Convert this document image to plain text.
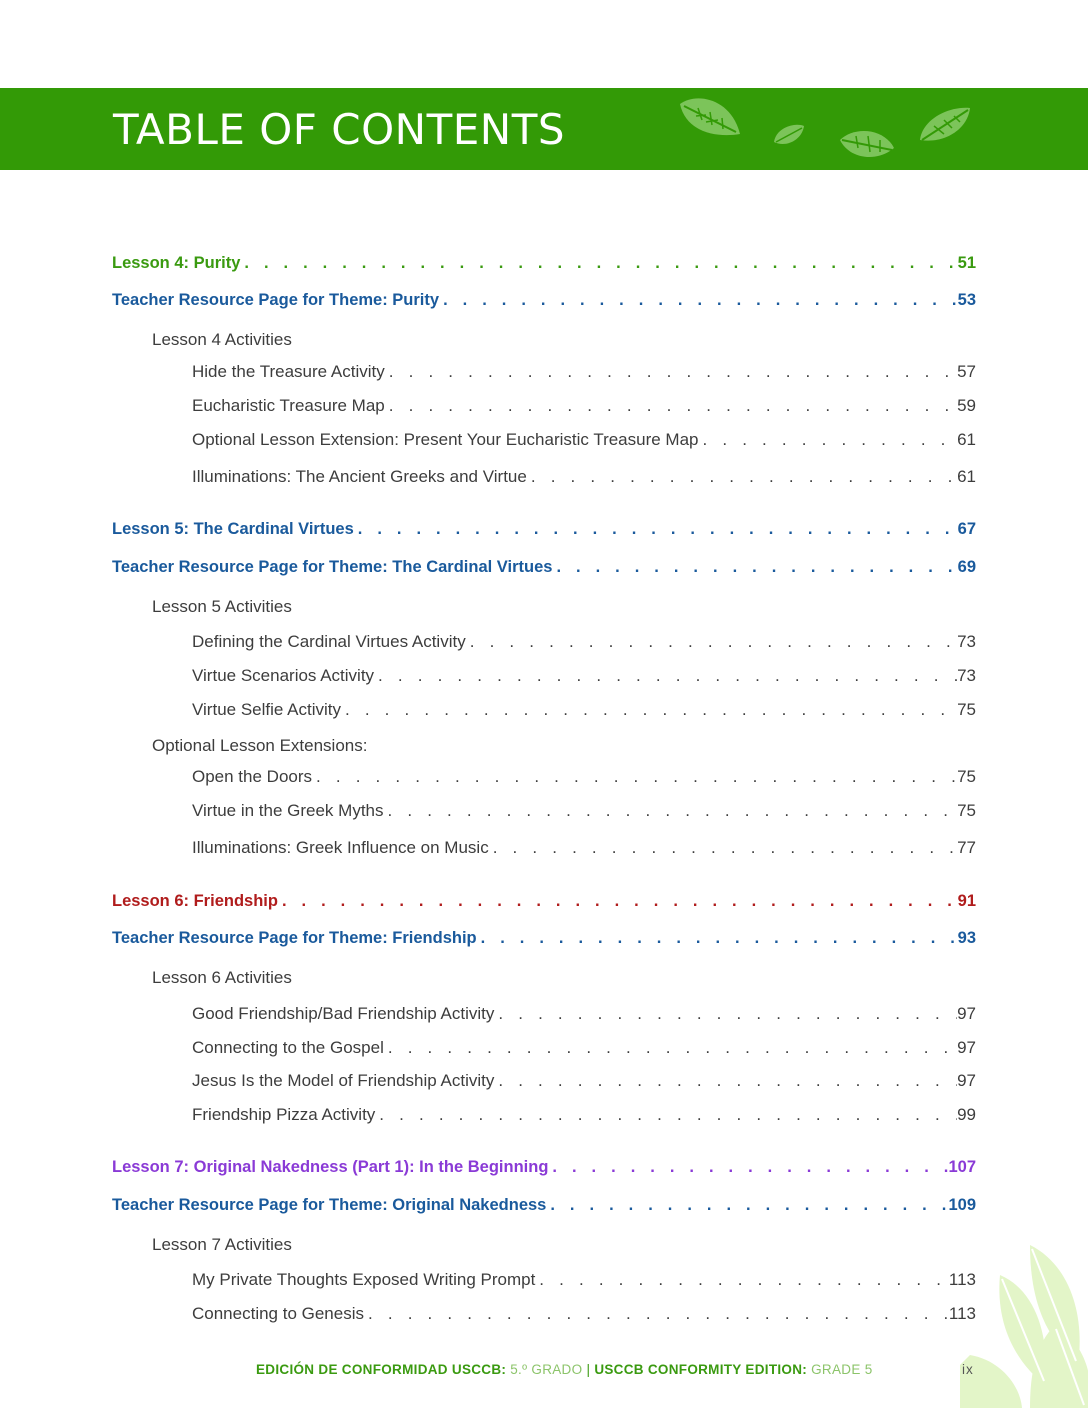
TABLE OF CONTENTS
Lesson 4: Purity . . .	51
Teacher Resource Page for Theme: Purity . . .	53
Lesson 4 Activities
Hide the Treasure Activity . . .	57
Eucharistic Treasure Map . . .	59
Optional Lesson Extension: Present Your Eucharistic Treasure Map . . .	61
Illuminations: The Ancient Greeks and Virtue . . .	61
Lesson 5: The Cardinal Virtues . . .	67
Teacher Resource Page for Theme: The Cardinal Virtues . . .	69
Lesson 5 Activities
Defining the Cardinal Virtues Activity . . .	73
Virtue Scenarios Activity . . .	73
Virtue Selfie Activity . . .	75
Optional Lesson Extensions:
Open the Doors . . .	75
Virtue in the Greek Myths . . .	75
Illuminations: Greek Influence on Music . . .	77
Lesson 6: Friendship . . .	91
Teacher Resource Page for Theme: Friendship . . .	93
Lesson 6 Activities
Good Friendship/Bad Friendship Activity . . .	97
Connecting to the Gospel . . .	97
Jesus Is the Model of Friendship Activity . . .	97
Friendship Pizza Activity . . .	99
Lesson 7: Original Nakedness (Part 1): In the Beginning . . .	107
Teacher Resource Page for Theme: Original Nakedness . . .	109
Lesson 7 Activities
My Private Thoughts Exposed Writing Prompt . . .	113
Connecting to Genesis . . .	113
EDICIÓN DE CONFORMIDAD USCCB: 5.º GRADO | USCCB CONFORMITY EDITION: GRADE 5	ix
